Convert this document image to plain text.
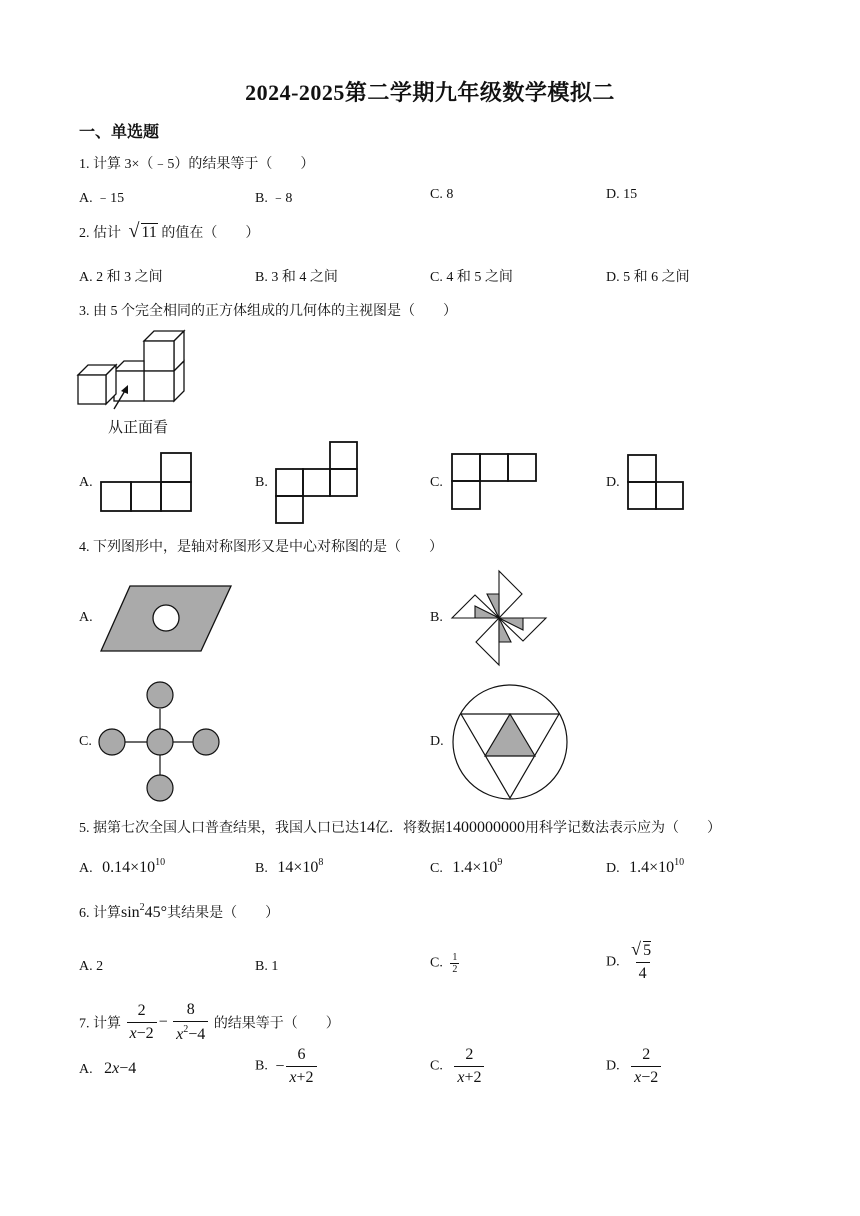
2024-2025第二学期九年级数学模拟二
一、单选题
1. 计算 3×（﹣5）的结果等于（　　）
A. ﹣15	B. ﹣8	C. 8	D. 15
2. 估计 √ 11 的值在（　　）
A. 2 和 3 之间	B. 3 和 4 之间	C. 4 和 5 之间	D. 5 和 6 之间
3. 由 5 个完全相同的正方体组成的几何体的主视图是（　　）
从正面看
A.	B.	C.	D.
4. 下列图形中，是轴对称图形又是中心对称图的是（　　）
A.	B.
C.	D.
5. 据第七次全国人口普查结果，我国人口已达14亿．将数据1400000000用科学记数法表示应为（　　）
A. $0.14\times 10^{10}$	B. $14\times 10^8$	C. $1.4\times 10^9$	D. $1.4\times 10^{10}$
6. 计算$\sin^245^\circ$其结果是（　　）
A. 2	B. 1	C. $\frac{1}{2}$	D. $\frac{√ 5}{4}$
7. 计算 $\frac{2}{x-2} - \frac{8}{x^2-4}$ 的结果等于（　　）
A. 2x−4	B. − $\frac{6}{x+2}$	C. $\frac{2}{x+2}$	D. $\frac{2}{x-2}$
